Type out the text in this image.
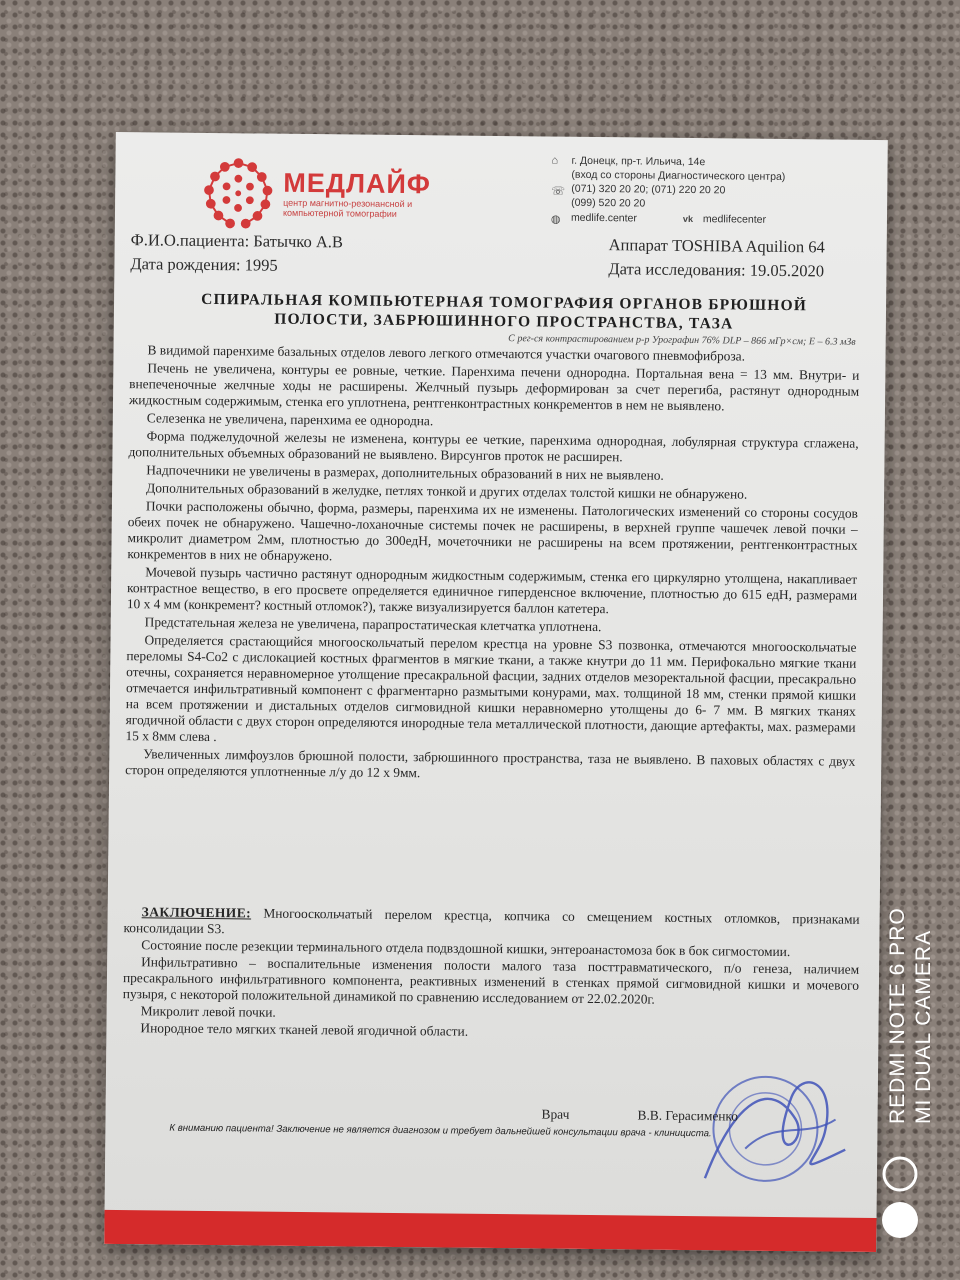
МЕДЛАЙФ
центр магнитно-резонансной и компьютерной томографии
⌂	г. Донецк, пр-т. Ильича, 14е
(вход со стороны Диагностического центра)
☏ (071) 320 20 20; (071) 220 20 20
(099) 520 20 20
◍ medlife.center	vk medlifecenter
Ф.И.О.пациента: Батычко А.В
Дата рождения: 1995
Аппарат TOSHIBA Aquilion 64
Дата исследования: 19.05.2020
СПИРАЛЬНАЯ КОМПЬЮТЕРНАЯ ТОМОГРАФИЯ ОРГАНОВ БРЮШНОЙ
ПОЛОСТИ, ЗАБРЮШИННОГО ПРОСТРАНСТВА, ТАЗА
С рег-ся контрастированием р-р Урографин 76% DLP – 866 мГр×см; E – 6.3 мЗв

В видимой паренхиме базальных отделов левого легкого отмечаются участки очагового пневмофиброза.

Печень не увеличена, контуры ее ровные, четкие. Паренхима печени однородна. Портальная вена = 13 мм. Внутри- и внепеченочные желчные ходы не расширены. Желчный пузырь деформирован за счет перегиба, растянут однородным жидкостным содержимым, стенка его уплотнена, рентгенконтрастных конкрементов в нем не выявлено.

Селезенка не увеличена, паренхима ее однородна.

Форма поджелудочной железы не изменена, контуры ее четкие, паренхима однородная, лобулярная структура сглажена, дополнительных объемных образований не выявлено. Вирсунгов проток не расширен.

Надпочечники не увеличены в размерах, дополнительных образований в них не выявлено.

Дополнительных образований в желудке, петлях тонкой и других отделах толстой кишки не обнаружено.

Почки расположены обычно, форма, размеры, паренхима их не изменены. Патологических изменений со стороны сосудов обеих почек не обнаружено. Чашечно-лоханочные системы почек не расширены, в верхней группе чашечек левой почки – микролит диаметром 2мм, плотностью до 300едН, мочеточники не расширены на всем протяжении, рентгенконтрастных конкрементов в них не обнаружено.

Мочевой пузырь частично растянут однородным жидкостным содержимым, стенка его циркулярно утолщена, накапливает контрастное вещество, в его просвете определяется единичное гиперденсное включение, плотностью до 615 едН, размерами 10 х 4 мм (конкремент? костный отломок?), также визуализируется баллон катетера.

Предстательная железа не увеличена, парапростатическая клетчатка уплотнена.

Определяется срастающийся многооскольчатый перелом крестца на уровне S3 позвонка, отмечаются многооскольчатые переломы S4-Co2 с дислокацией костных фрагментов в мягкие ткани, а также кнутри до 11 мм. Перифокально мягкие ткани отечны, сохраняется неравномерное утолщение пресакральной фасции, задних отделов мезоректальной фасции, пресакрально отмечается инфильтративный компонент с фрагментарно размытыми конурами, мах. толщиной 18 мм, стенки прямой кишки на всем протяжении и дистальных отделов сигмовидной кишки неравномерно утолщены до 6- 7 мм. В мягких тканях ягодичной области с двух сторон определяются инородные тела металлической плотности, дающие артефакты, мах. размерами 15 х 8мм слева .

Увеличенных лимфоузлов брюшной полости, забрюшинного пространства, таза не выявлено. В паховых областях с двух сторон определяются уплотненные л/у до 12 х 9мм.

ЗАКЛЮЧЕНИЕ: Многооскольчатый перелом крестца, копчика со смещением костных отломков, признаками консолидации S3.

Состояние после резекции терминального отдела подвздошной кишки, энтероанастомоза бок в бок сигмостомии.

Инфильтративно – воспалительные изменения полости малого таза посттравматического, п/о генеза, наличием пресакрального инфильтративного компонента, реактивных изменений в стенках прямой сигмовидной кишки и мочевого пузыря, с некоторой положительной динамикой по сравнению исследованием от 22.02.2020г.

Микролит левой почки.

Инородное тело мягких тканей левой ягодичной области.

Врач	В.В. Герасименко
К вниманию пациента! Заключение не является диагнозом и требует дальнейшей консультации врача - клинициста.
REDMI NOTE 6 PRO MI DUAL CAMERA
